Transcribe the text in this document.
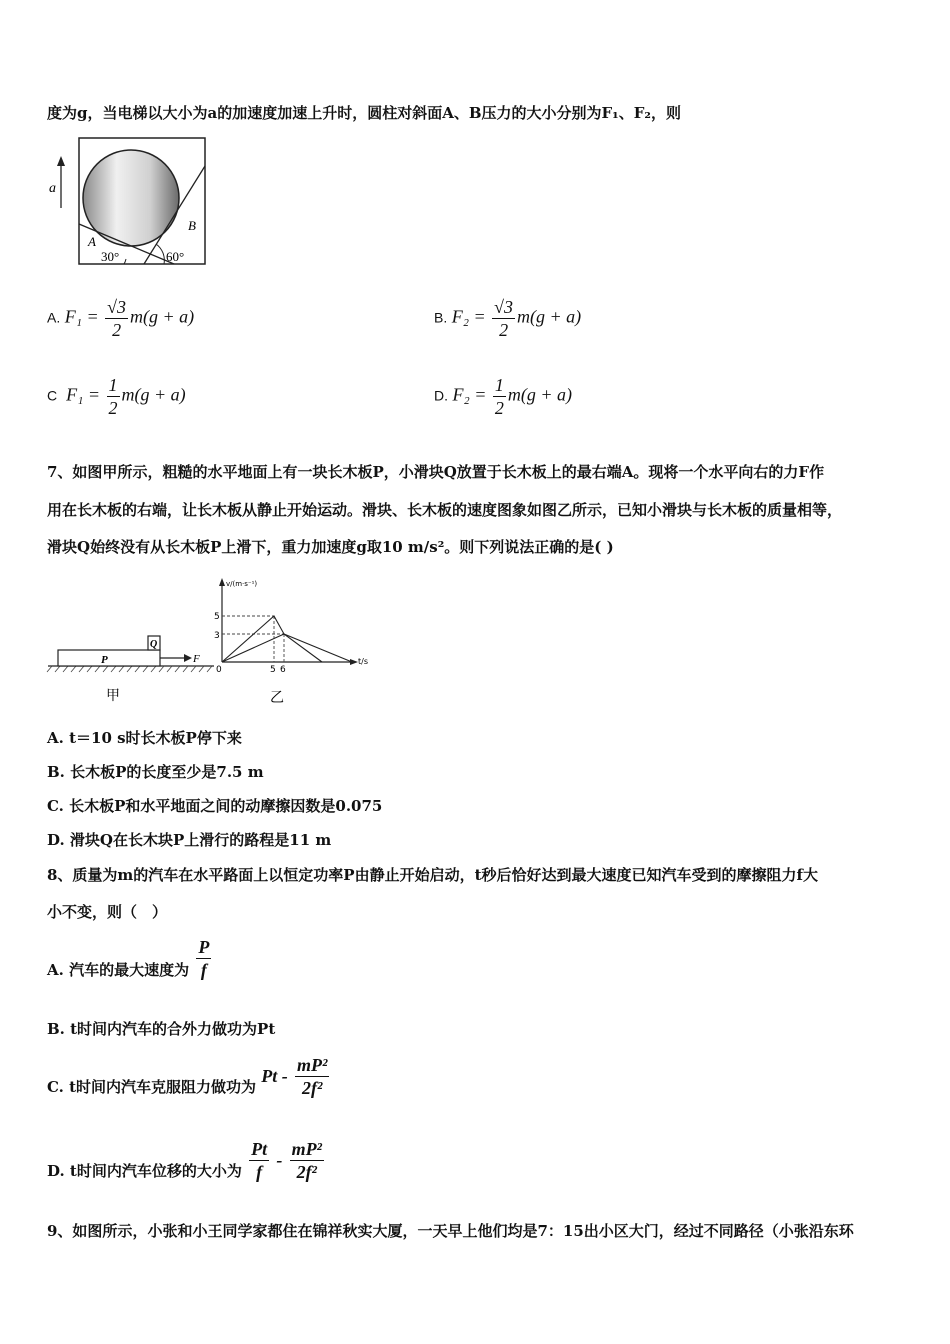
度为g，当电梯以大小为a的加速度加速上升时，圆柱对斜面A、B压力的大小分别为F₁、F₂，则
a
A
B
30°	60°
A. $F_1 = \frac{√3}{2} m(g + a)$	B. $F_2 = \frac{√3}{2} m(g + a)$
C $F_1 = \frac{1}{2} m(g + a)$	D. $F_2 = \frac{1}{2} m(g + a)$
7、如图甲所示，粗糙的水平地面上有一块长木板P，小滑块Q放置于长木板上的最右端A。现将一个水平向右的力F作
用在长木板的右端，让长木板从静止开始运动。滑块、长木板的速度图象如图乙所示，已知小滑块与长木板的质量相等，
滑块Q始终没有从长木板P上滑下，重力加速度g取10 m/s²。则下列说法正确的是( )
P
Q
F
甲
v/(m·s⁻¹)
t/s
0
5
3
5 6
乙
A. t＝10 s时长木板P停下来
B. 长木板P的长度至少是7.5 m
C. 长木板P和水平地面之间的动摩擦因数是0.075
D. 滑块Q在长木块P上滑行的路程是11 m
8、质量为m的汽车在水平路面上以恒定功率P由静止开始启动，t秒后恰好达到最大速度已知汽车受到的摩擦阻力f大
小不变，则（　）
A. 汽车的最大速度为 $\frac{P}{f}$
B. t时间内汽车的合外力做功为Pt
C. t时间内汽车克服阻力做功为 Pt - $\frac{\text{mP²}}{\text{2f²}}$
D. t时间内汽车位移的大小为 $\frac{Pt}{f} - \frac{\text{mP²}}{\text{2f²}}$
9、如图所示，小张和小王同学家都住在锦祥秋实大厦，一天早上他们均是7：15出小区大门，经过不同路径（小张沿东环
